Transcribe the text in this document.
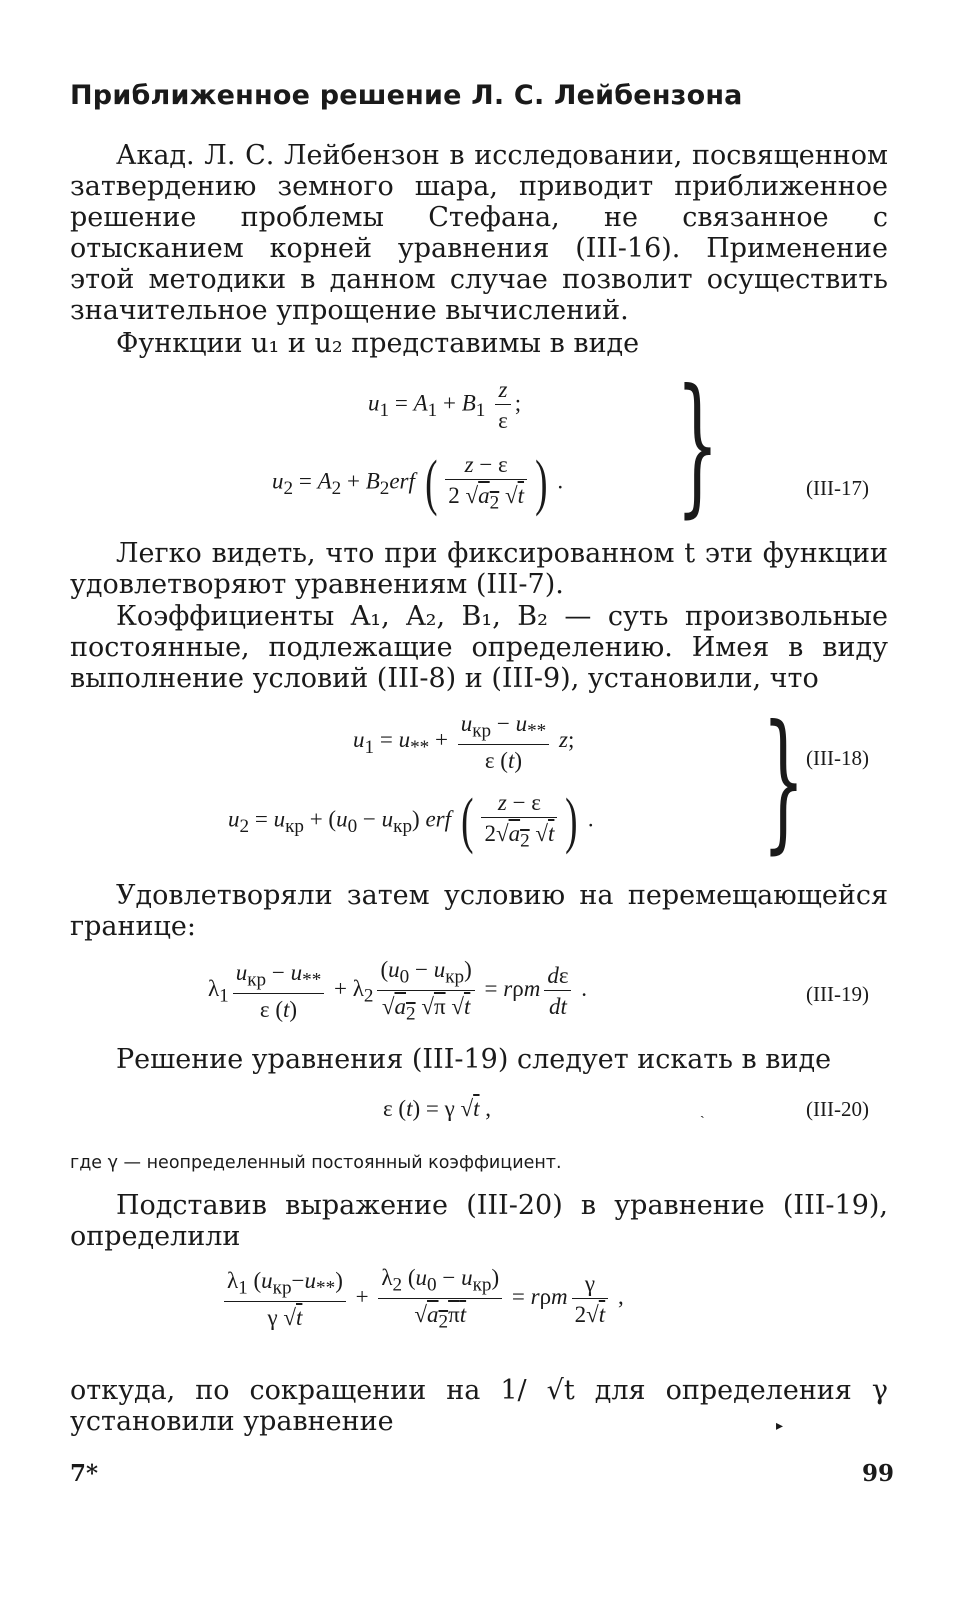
Приближенное решение Л. С. Лейбензона
Акад. Л. С. Лейбензон в исследовании, посвященном затвердению земного шара, приводит приближенное решение проблемы Стефана, не связанное с отысканием корней уравнения (III-16). Применение этой методики в данном случае позволит осуществить значительное упрощение вычислений.
Функции u₁ и u₂ представимы в виде
$u_1 = A_1 + B_1 \frac{z}{\varepsilon}$ ;
$u_2 = A_2 + B_2erf$ ( $\frac{z - \varepsilon}{2 √a_2 √t}$ ) . }	(III-17)
Легко видеть, что при фиксированном t эти функции удовлетворяют уравнениям (III-7).
Коэффициенты A₁, A₂, B₁, B₂ — суть произвольные постоянные, подлежащие определению. Имея в виду выполнение условий (III-8) и (III-9), установили, что
$u_1 = u_{**} + \frac{u_{кр} - u_{**}}{\varepsilon (t)} z$;
$u_2 = u_{кр} + (u_0 - u_{кр})$ erf ( $\frac{z - \varepsilon}{2√a_2 √t}$ ) . } (III-18)
Удовлетворяли затем условию на перемещающейся границе:
$\lambda_1 \frac{u_{кр} - u_{**}}{\varepsilon (t)} + \lambda_2 \frac{(u_0 - u_{кр})}{√a_2 √\pi √t} = r\rho m \frac{d\varepsilon}{dt}$ .	(III-19)
Решение уравнения (III-19) следует искать в виде
ε (t) = γ √t ,	ˎ	(III-20)
где γ — неопределенный постоянный коэффициент.
Подставив выражение (III-20) в уравнение (III-19), определили
$\frac{\lambda_1 (u_{кр}-u_{**})}{\gamma √t} + \frac{\lambda_2 (u_0 - u_{кр})}{√a_2\pi t} = r\rho m \frac{\gamma}{2√t}$ ,
откуда, по сокращении на 1/ √t для определения γ установили уравнение	▸
7*	99
